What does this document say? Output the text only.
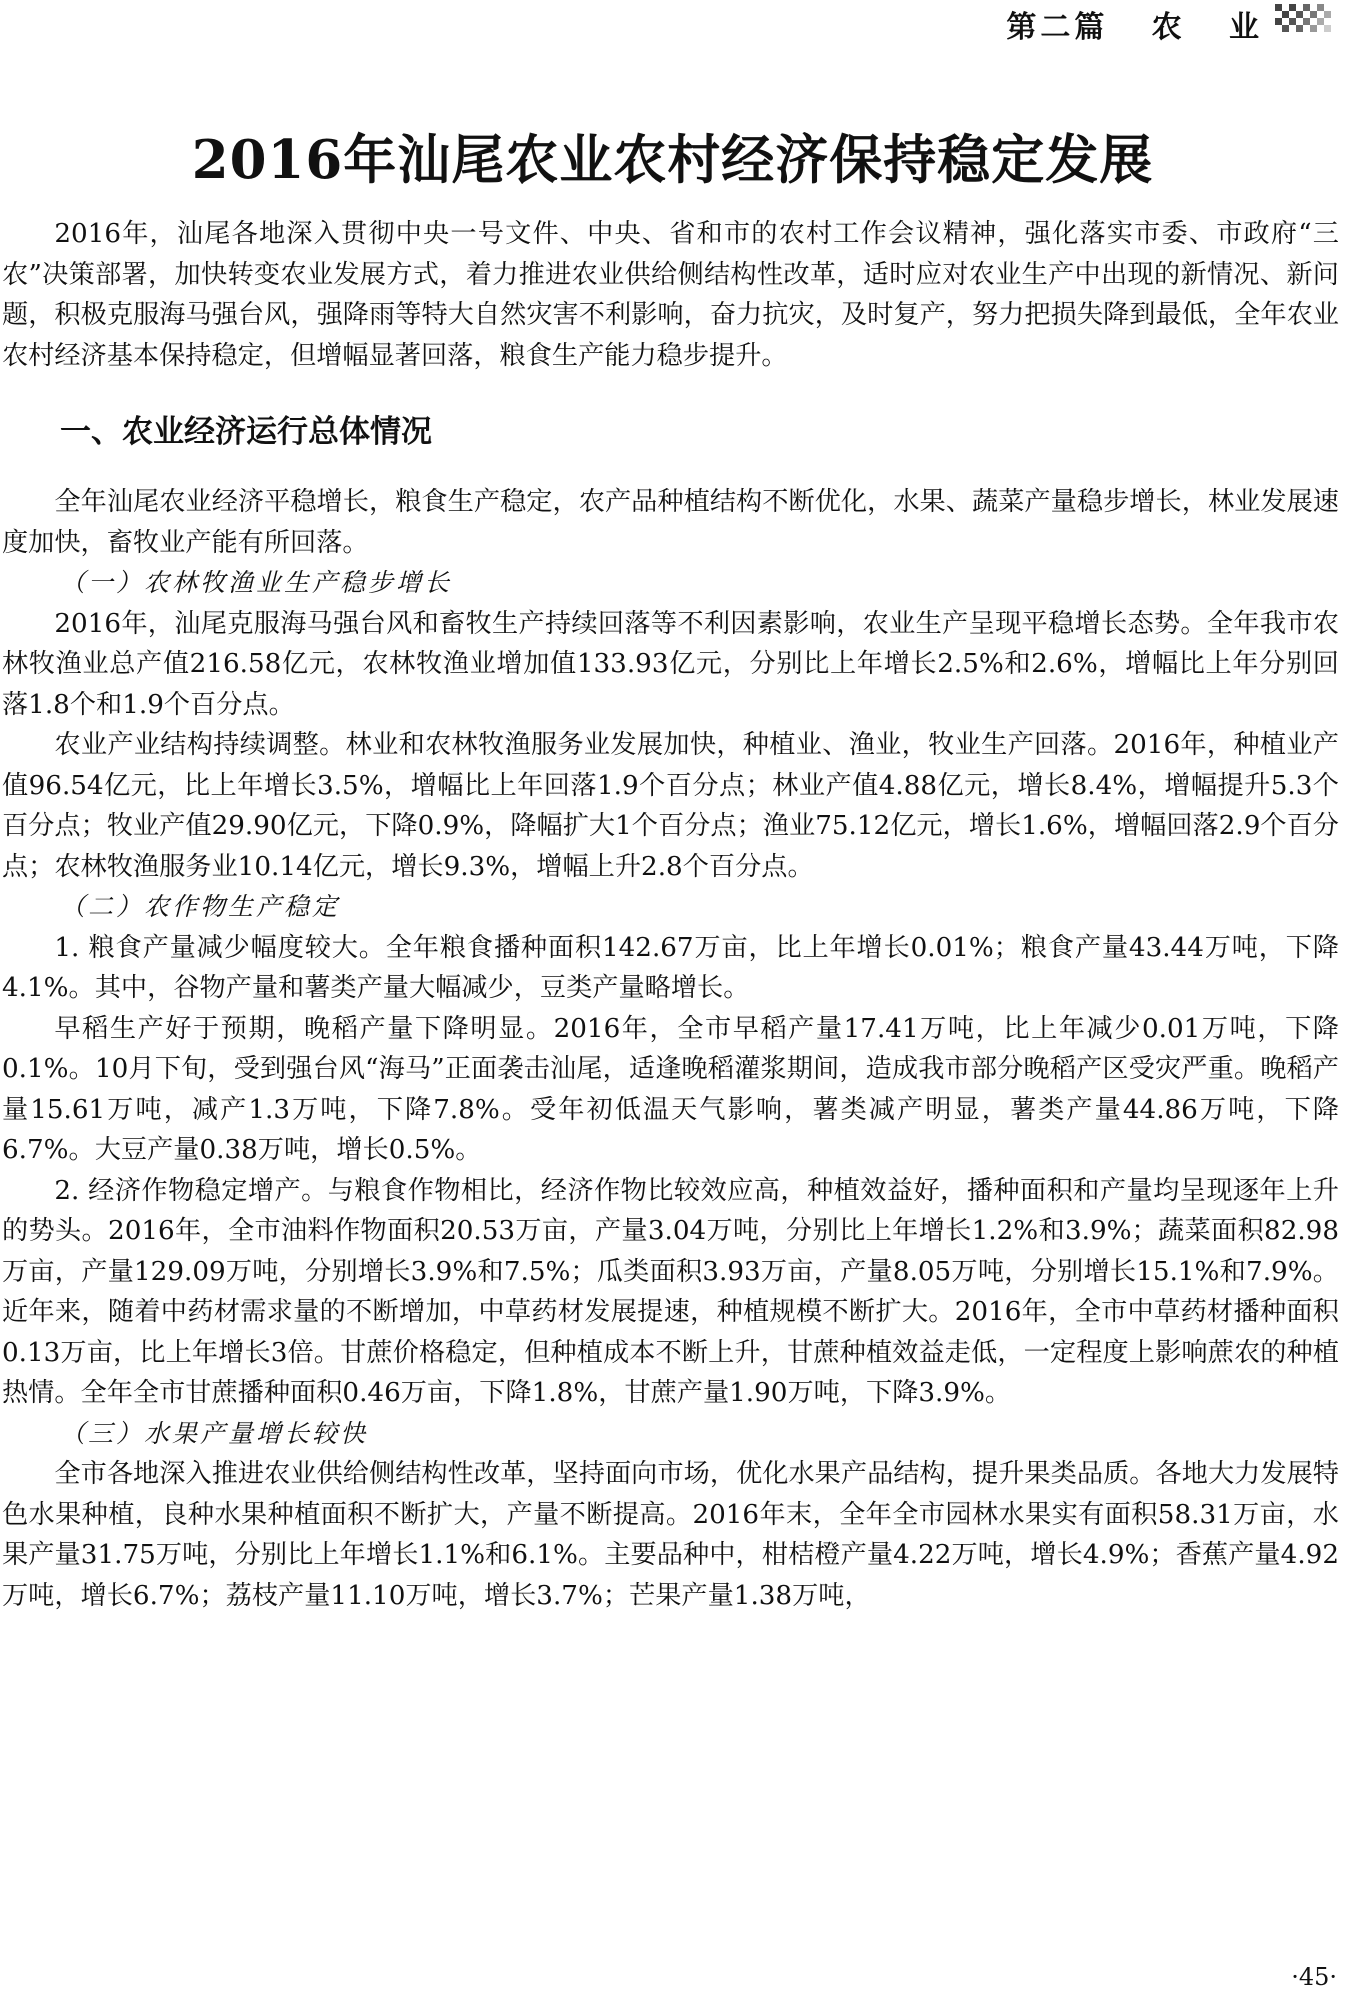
第二篇   农   业
2016年汕尾农业农村经济保持稳定发展

2016年，汕尾各地深入贯彻中央一号文件、中央、省和市的农村工作会议精神，强化落实市委、市政府“三农”决策部署，加快转变农业发展方式，着力推进农业供给侧结构性改革，适时应对农业生产中出现的新情况、新问题，积极克服海马强台风，强降雨等特大自然灾害不利影响，奋力抗灾，及时复产，努力把损失降到最低，全年农业农村经济基本保持稳定，但增幅显著回落，粮食生产能力稳步提升。

一、农业经济运行总体情况

全年汕尾农业经济平稳增长，粮食生产稳定，农产品种植结构不断优化，水果、蔬菜产量稳步增长，林业发展速度加快，畜牧业产能有所回落。

（一）农林牧渔业生产稳步增长

2016年，汕尾克服海马强台风和畜牧生产持续回落等不利因素影响，农业生产呈现平稳增长态势。全年我市农林牧渔业总产值216.58亿元，农林牧渔业增加值133.93亿元，分别比上年增长2.5%和2.6%，增幅比上年分别回落1.8个和1.9个百分点。

农业产业结构持续调整。林业和农林牧渔服务业发展加快，种植业、渔业，牧业生产回落。2016年，种植业产值96.54亿元，比上年增长3.5%，增幅比上年回落1.9个百分点；林业产值4.88亿元，增长8.4%，增幅提升5.3个百分点；牧业产值29.90亿元，下降0.9%，降幅扩大1个百分点；渔业75.12亿元，增长1.6%，增幅回落2.9个百分点；农林牧渔服务业10.14亿元，增长9.3%，增幅上升2.8个百分点。

（二）农作物生产稳定

1. 粮食产量减少幅度较大。全年粮食播种面积142.67万亩，比上年增长0.01%；粮食产量43.44万吨，下降4.1%。其中，谷物产量和薯类产量大幅减少，豆类产量略增长。

早稻生产好于预期，晚稻产量下降明显。2016年，全市早稻产量17.41万吨，比上年减少0.01万吨，下降0.1%。10月下旬，受到强台风“海马”正面袭击汕尾，适逢晚稻灌浆期间，造成我市部分晚稻产区受灾严重。晚稻产量15.61万吨，减产1.3万吨，下降7.8%。受年初低温天气影响，薯类减产明显，薯类产量44.86万吨，下降6.7%。大豆产量0.38万吨，增长0.5%。

2. 经济作物稳定增产。与粮食作物相比，经济作物比较效应高，种植效益好，播种面积和产量均呈现逐年上升的势头。2016年，全市油料作物面积20.53万亩，产量3.04万吨，分别比上年增长1.2%和3.9%；蔬菜面积82.98万亩，产量129.09万吨，分别增长3.9%和7.5%；瓜类面积3.93万亩，产量8.05万吨，分别增长15.1%和7.9%。近年来，随着中药材需求量的不断增加，中草药材发展提速，种植规模不断扩大。2016年，全市中草药材播种面积0.13万亩，比上年增长3倍。甘蔗价格稳定，但种植成本不断上升，甘蔗种植效益走低，一定程度上影响蔗农的种植热情。全年全市甘蔗播种面积0.46万亩，下降1.8%，甘蔗产量1.90万吨，下降3.9%。

（三）水果产量增长较快

全市各地深入推进农业供给侧结构性改革，坚持面向市场，优化水果产品结构，提升果类品质。各地大力发展特色水果种植，良种水果种植面积不断扩大，产量不断提高。2016年末，全年全市园林水果实有面积58.31万亩，水果产量31.75万吨，分别比上年增长1.1%和6.1%。主要品种中，柑桔橙产量4.22万吨，增长4.9%；香蕉产量4.92万吨，增长6.7%；荔枝产量11.10万吨，增长3.7%；芒果产量1.38万吨，

·45·
